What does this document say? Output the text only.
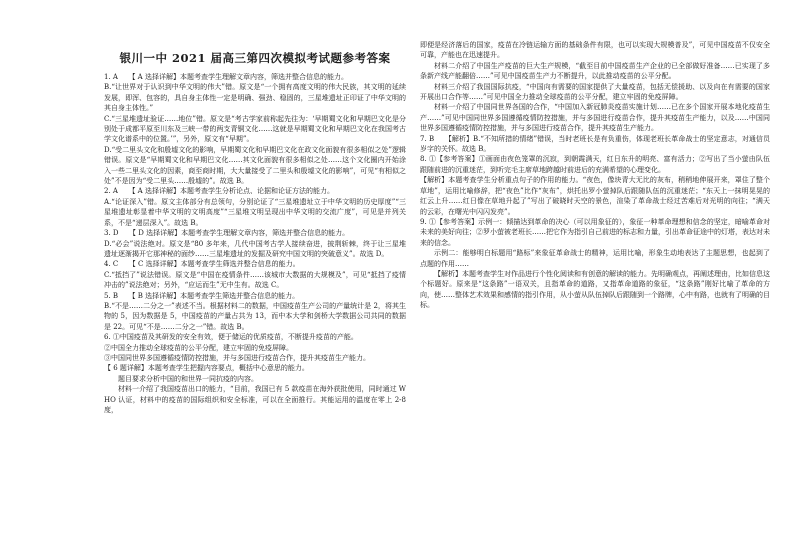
银川一中 2021 届高三第四次模拟考试题参考答案

1. A　　【 A 选择详解】本题考查学生理解文章内容，筛选并整合信息的能力。

B.“让世界对于认识到中华文明的伟大”错。原文是“一个拥有高度文明的伟大民族，其文明的延续发展，即浑、包容的，具自身主体性一定是明确、强劲、稳固的，三星堆遗址正印证了中华文明的其自身主体性。”

C.“三星堆遗址验证……地位”错。原文是“考古学家前称起先往为：‘早期蜀文化和早期巴文化是分别处于成都平原至川东及三峡一带的两支青铜文化……这就是早期蜀文化和早期巴文化在我国考古学文化谱系中的位置。’”，另外，原文有“早期”。

D.“受二里头文化和殷墟文化的影响，早期蜀文化和早期巴文化在政文化面貌有很多相似之处”逻辑错误。原文是“早期蜀文化和早期巴文化……其文化面貌有很多相似之处……这个文化圈内开始涂入一些二里头文化的因素，商至商时期，大大量接受了二里头和殷墟文化的影响”，可见“有相似之处”不是因为“受二里头……殷墟的”。故选 B。

2. A　　【 A 选择详解】本题考查学生分析论点、论据和论证方法的能力。

A.“论证深入”错。原文主体部分有总领句，分别论证了“三星堆遗址立于中华文明的历史厚度”“三星堆遗址彰显着中华文明的文明高度”“三星堆文明呈现出中华文明的交流广度”，可见是并列关系，不是“递层深入”。故选 B。

3. D　　【 D 选择详解】本题考查学生理解文章内容，筛选并整合信息的能力。

D.“必会”说法绝对。原文是“80 多年来，几代中国考古学人接续奋进，披荆斩棘，终于让三星堆遗址逐渐揭开它那神秘的面纱……三星堆遗址的发掘及研究中国文明的突破意义”。故选 D。

4. C　　【 C 选择详解】本题考查学生筛选并整合信息的能力。

C.“抵挡了”说法错误。原文是“中国在疫情条件……该城市大数据的大规模及”，可见“抵挡了疫情冲击的”说法绝对；另外，“应运而生”无中生有。故选 C。

5. B　　【 B 选择详解】本题考查学生筛选并整合信息的能力。

B.“不是……二分之一”表述不当。根据材料二的数据，中国疫苗生产公司的产量统计是 2，将其生物的 5，因为数据是 5，中国疫苗的产量占共为 13，而中本大学和剑桥大学数据公司共同的数据是 22。可见“不是……二分之一”错。故选 B。

6. ①中国疫苗及其研发的安全有效，便于储运的优质疫苗，不断提升疫苗的产能。

②中国全力推动全球疫苗的公平分配，建立牢固的免疫屏障。

③中国同世界多国遵循疫情防控措施，并与多国进行疫苗合作，提升其疫苗生产能力。

【 6 题详解】本题考查学生把握内容要点，概括中心意思的能力。

题目要求分析中国的和世界一同抗疫的内容。

材料一介绍了我国疫苗出口的能力，“目前，我国已有 5 款疫苗在海外获批使用，同时通过 WHO 认证，材料中的疫苗的国际组织和安全标准，可以在全面推行。其能运用的温度在零上 2-8 度，

即便是经济落后的国家，疫苗在冷链运输方面的基础条件有限，也可以实现大规模普及”，可见中国疫苗不仅安全可靠，产能也在迅速提升。

材料二介绍了中国生产疫苗的巨大生产规模，“截至目前中国疫苗生产企业的已全部做好准备……已实现了多条新产线产能翻倍……”可见中国疫苗生产力不断提升，以此推动疫苗的公平分配。

材料三介绍了我国国际抗疫，“中国向有需要的国家提供了大量疫苗，包括无偿援助、以及向在有需要的国家开展出口合作等……”可见中国全力推动全球疫苗的公平分配，建立牢固的免疫屏障。

材料一介绍了中国同世界各国的合作，“中国加入新冠肺炎疫苗实施计划……已在多个国家开展本地化疫苗生产……”可见中国同世界多国遵循疫情防控措施，并与多国进行疫苗合作，提升其疫苗生产能力，以及……中国同世界多国遵循疫情防控措施，并与多国进行疫苗合作，提升其疫苗生产能力。

7. B　　【解析】B.“不知所措的情绪”错误，当时老班长是有负重伤，体现老班长革命战士的坚定意志，对通信员岁字的关怀。故选 B。

8. ①【参考答案】①画面由夜色笼罩的沉寂，到朝霞满天，红日东升的明亮、富有活力；②写出了当小萤由队伍跟随前进的沉重迷茫，到听完毛主席草地跨越时前进后的充满希望的心理变化。

【解析】本题考查学生分析重点句子的作用的能力。“夜色，像块青大无比的灰布，稍稍地伸展开来，罩住了整个草地”，运用比喻修辞，把“夜色”比作“灰布”，烘托出罗小萤掉队后跟随队伍的沉重迷茫；“东天上一抹明晃晃的红云上升……红日像在草地升起了”写出了破晓时天空的景色，渲染了革命战士经过苦难后对光明的向往；“满天的云彩，在曙光中闪闪发亮”。

9. ①【参考答案】示例一：倾描达到革命的决心（可以用象征的），象征一种革命理想和信念的坚定，暗喻革命对未来的美好向往；②罗小萤被老班长……把它作为指引自己前进的标志和力量，引出革命征途中的灯塔，表达对未来的信念。

示例二：能够明白标题用“路标”来象征革命战士的精神，运用比喻，形象生动地表达了主题思想，也起到了点题的作用……

【解析】本题考查学生对作品进行个性化阅读和有创意的解读的能力。先明确观点，再阐述理由，比如信息这个标题好。原来是“这条路”一语双关，且指革命的道路，又指革命道路的象征，“这条路”刚好比喻了革命的方向，使……整体艺术效果和感情的指引作用，从小萤从队伍掉队后跟随到一个路牌，心中有路，也就有了明确的目标。
